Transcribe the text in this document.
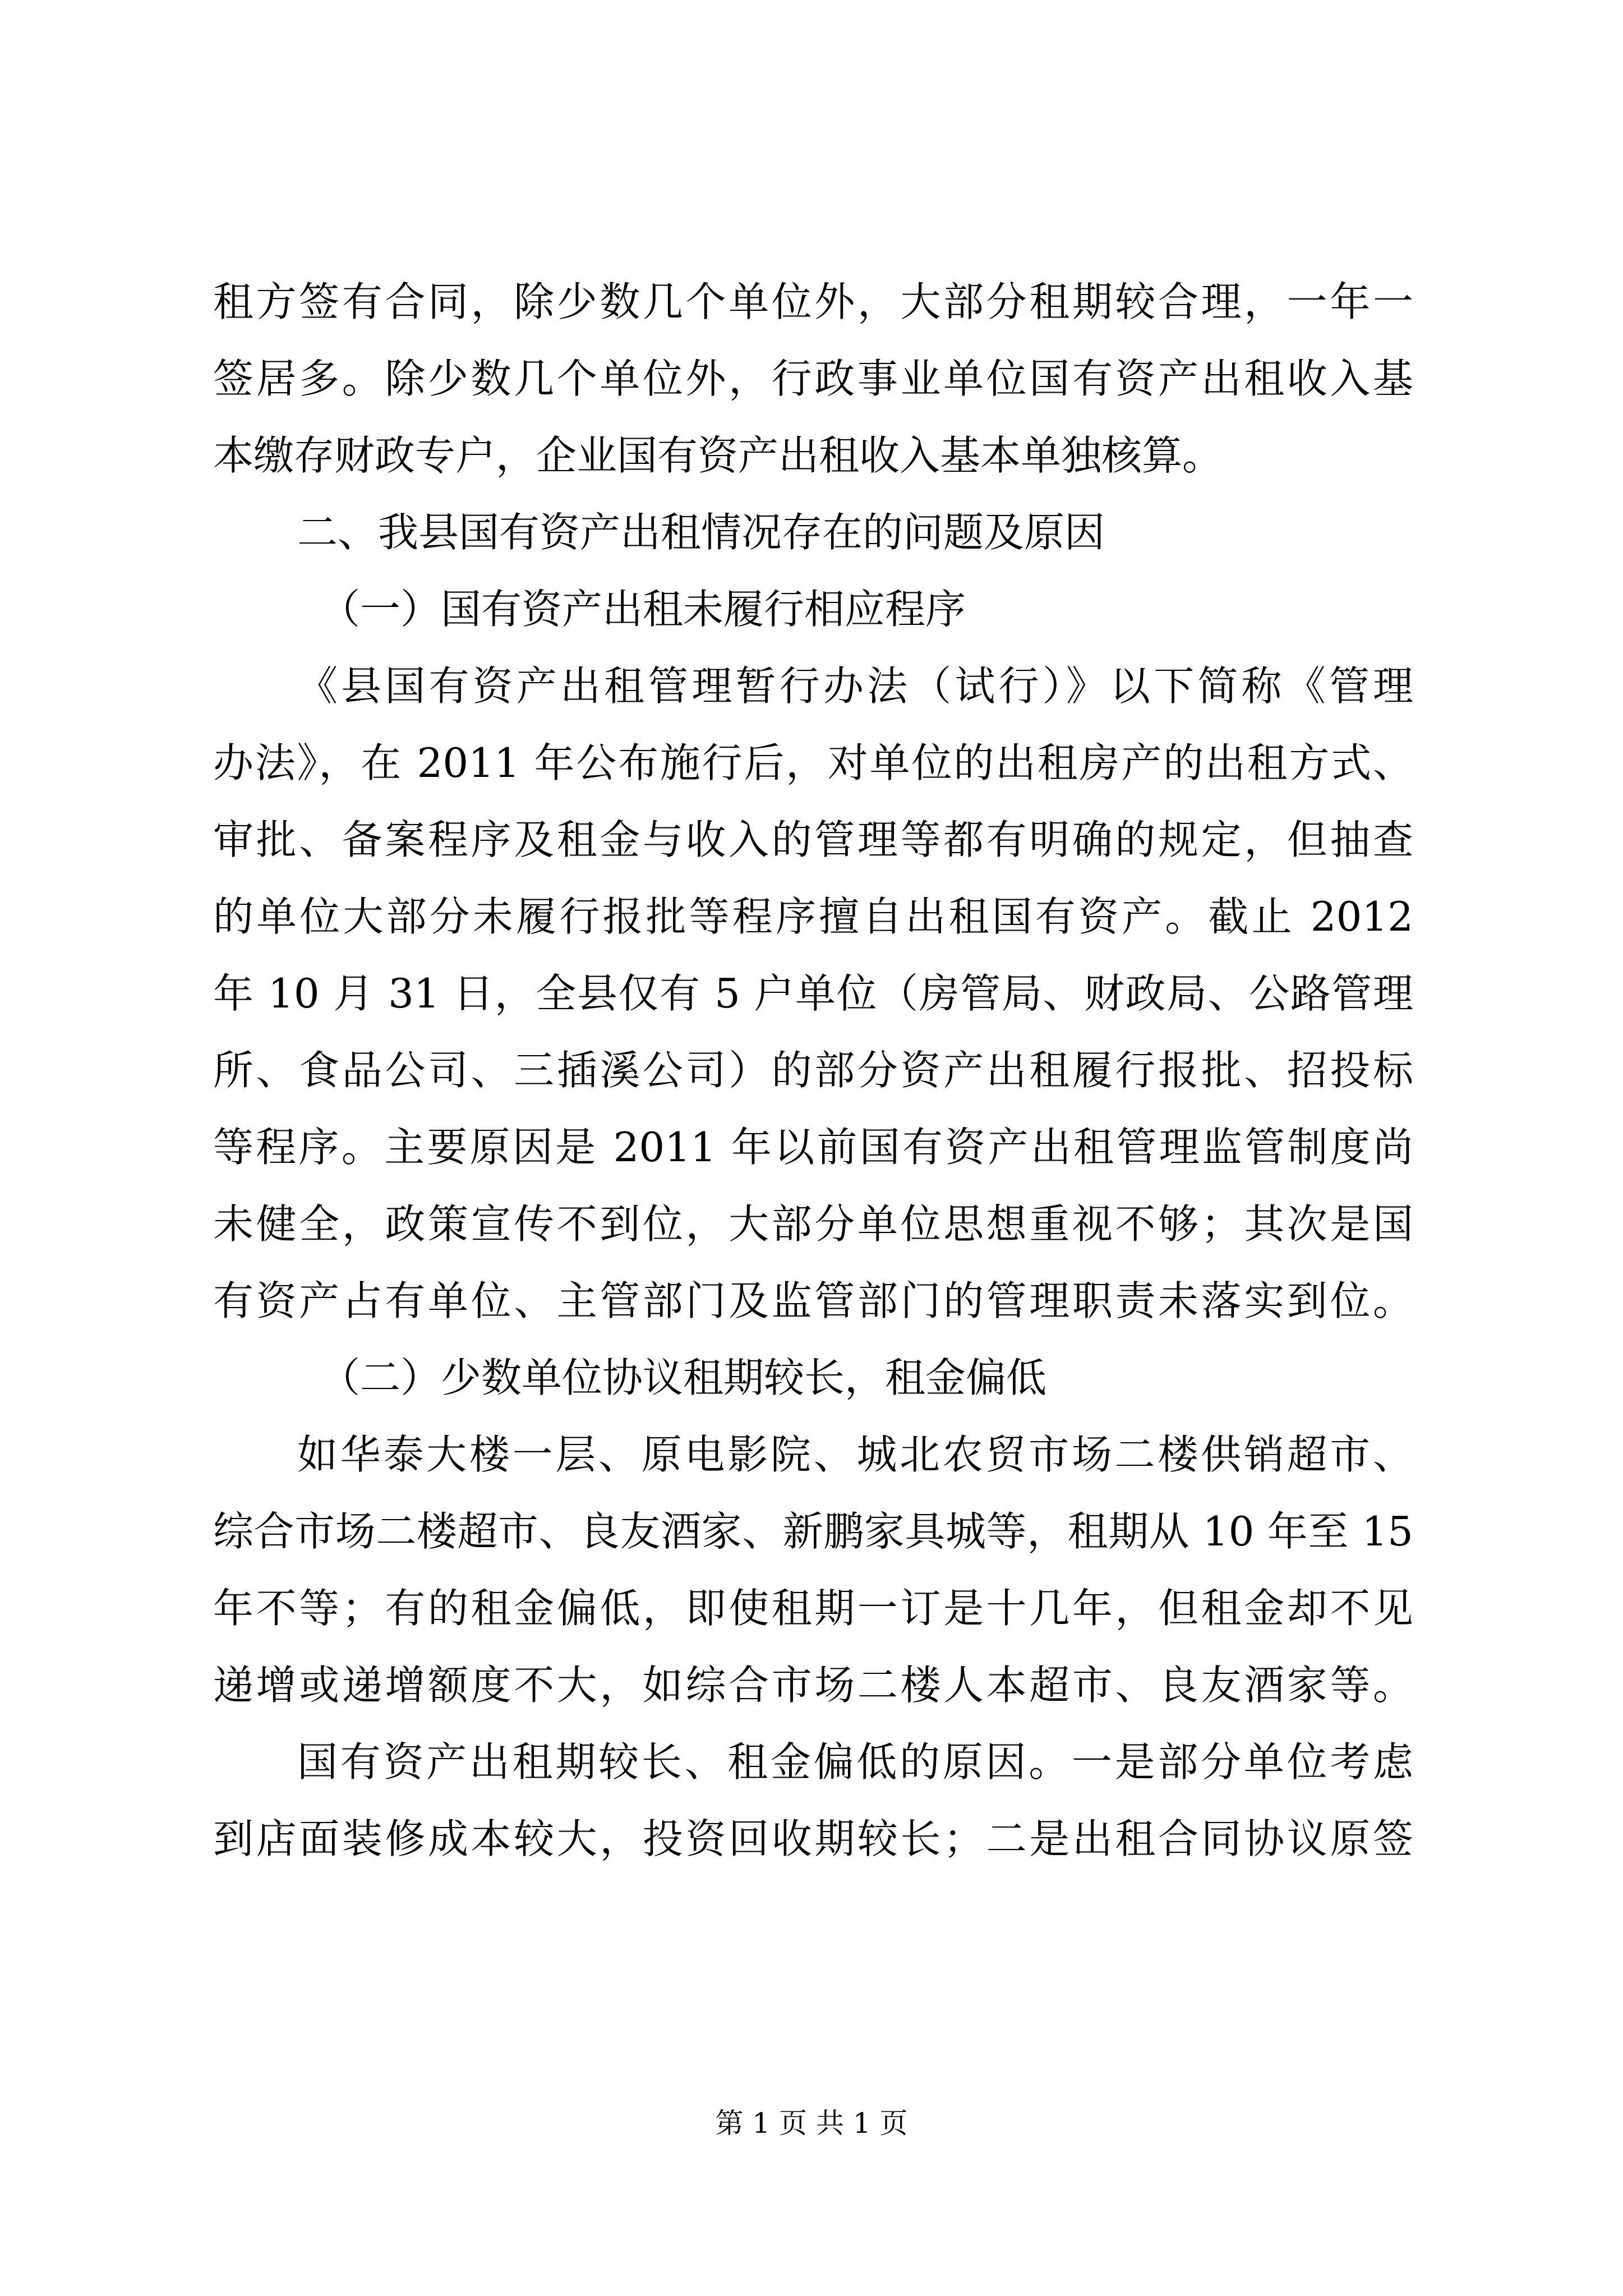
租方签有合同，除少数几个单位外，大部分租期较合理，一年一
签居多。除少数几个单位外，行政事业单位国有资产出租收入基
本缴存财政专户，企业国有资产出租收入基本单独核算。
二、我县国有资产出租情况存在的问题及原因
（一）国有资产出租未履行相应程序
《县国有资产出租管理暂行办法（试行）》以下简称《管理
办法》，在 2011 年公布施行后，对单位的出租房产的出租方式、
审批、备案程序及租金与收入的管理等都有明确的规定，但抽查
的单位大部分未履行报批等程序擅自出租国有资产。截止 2012
年 10 月 31 日，全县仅有 5 户单位（房管局、财政局、公路管理
所、食品公司、三插溪公司）的部分资产出租履行报批、招投标
等程序。主要原因是 2011 年以前国有资产出租管理监管制度尚
未健全，政策宣传不到位，大部分单位思想重视不够；其次是国
有资产占有单位、主管部门及监管部门的管理职责未落实到位。
（二）少数单位协议租期较长，租金偏低
如华泰大楼一层、原电影院、城北农贸市场二楼供销超市、
综合市场二楼超市、良友酒家、新鹏家具城等，租期从 10 年至 15
年不等；有的租金偏低，即使租期一订是十几年，但租金却不见
递增或递增额度不大，如综合市场二楼人本超市、良友酒家等。
国有资产出租期较长、租金偏低的原因。一是部分单位考虑
到店面装修成本较大，投资回收期较长；二是出租合同协议原签
第 1 页 共 1 页
